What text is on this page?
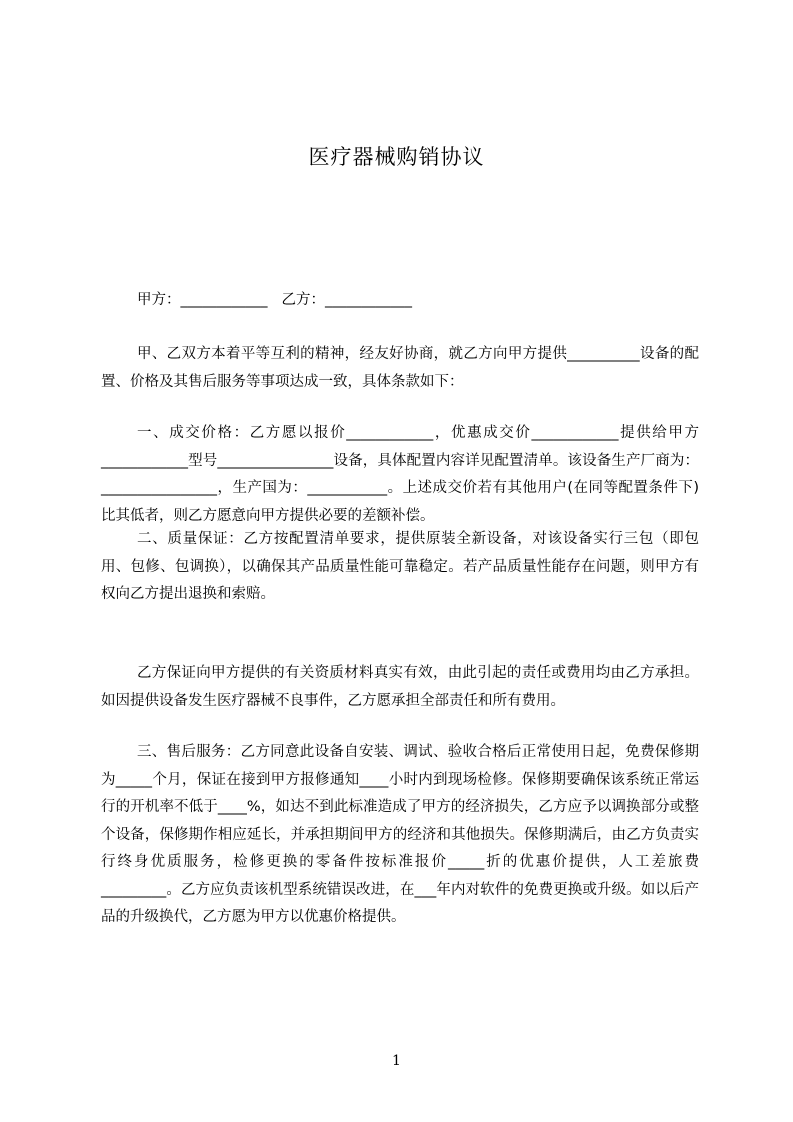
医疗器械购销协议
甲方：____________ 乙方：____________

甲、乙双方本着平等互利的精神，经友好协商，就乙方向甲方提供__________设备的配置、价格及其售后服务等事项达成一致，具体条款如下：

一、成交价格：乙方愿以报价____________，优惠成交价____________提供给甲方____________型号________________设备，具体配置内容详见配置清单。该设备生产厂商为：________________，生产国为：___________。上述成交价若有其他用户(在同等配置条件下)比其低者，则乙方愿意向甲方提供必要的差额补偿。

二、质量保证：乙方按配置清单要求，提供原装全新设备，对该设备实行三包（即包用、包修、包调换），以确保其产品质量性能可靠稳定。若产品质量性能存在问题，则甲方有权向乙方提出退换和索赔。

乙方保证向甲方提供的有关资质材料真实有效，由此引起的责任或费用均由乙方承担。如因提供设备发生医疗器械不良事件，乙方愿承担全部责任和所有费用。

三、售后服务：乙方同意此设备自安装、调试、验收合格后正常使用日起，免费保修期为_____个月，保证在接到甲方报修通知____小时内到现场检修。保修期要确保该系统正常运行的开机率不低于____%，如达不到此标准造成了甲方的经济损失，乙方应予以调换部分或整个设备，保修期作相应延长，并承担期间甲方的经济和其他损失。保修期满后，由乙方负责实行终身优质服务，检修更换的零备件按标准报价_____折的优惠价提供，人工差旅费_________。乙方应负责该机型系统错误改进，在___年内对软件的免费更换或升级。如以后产品的升级换代，乙方愿为甲方以优惠价格提供。

1
